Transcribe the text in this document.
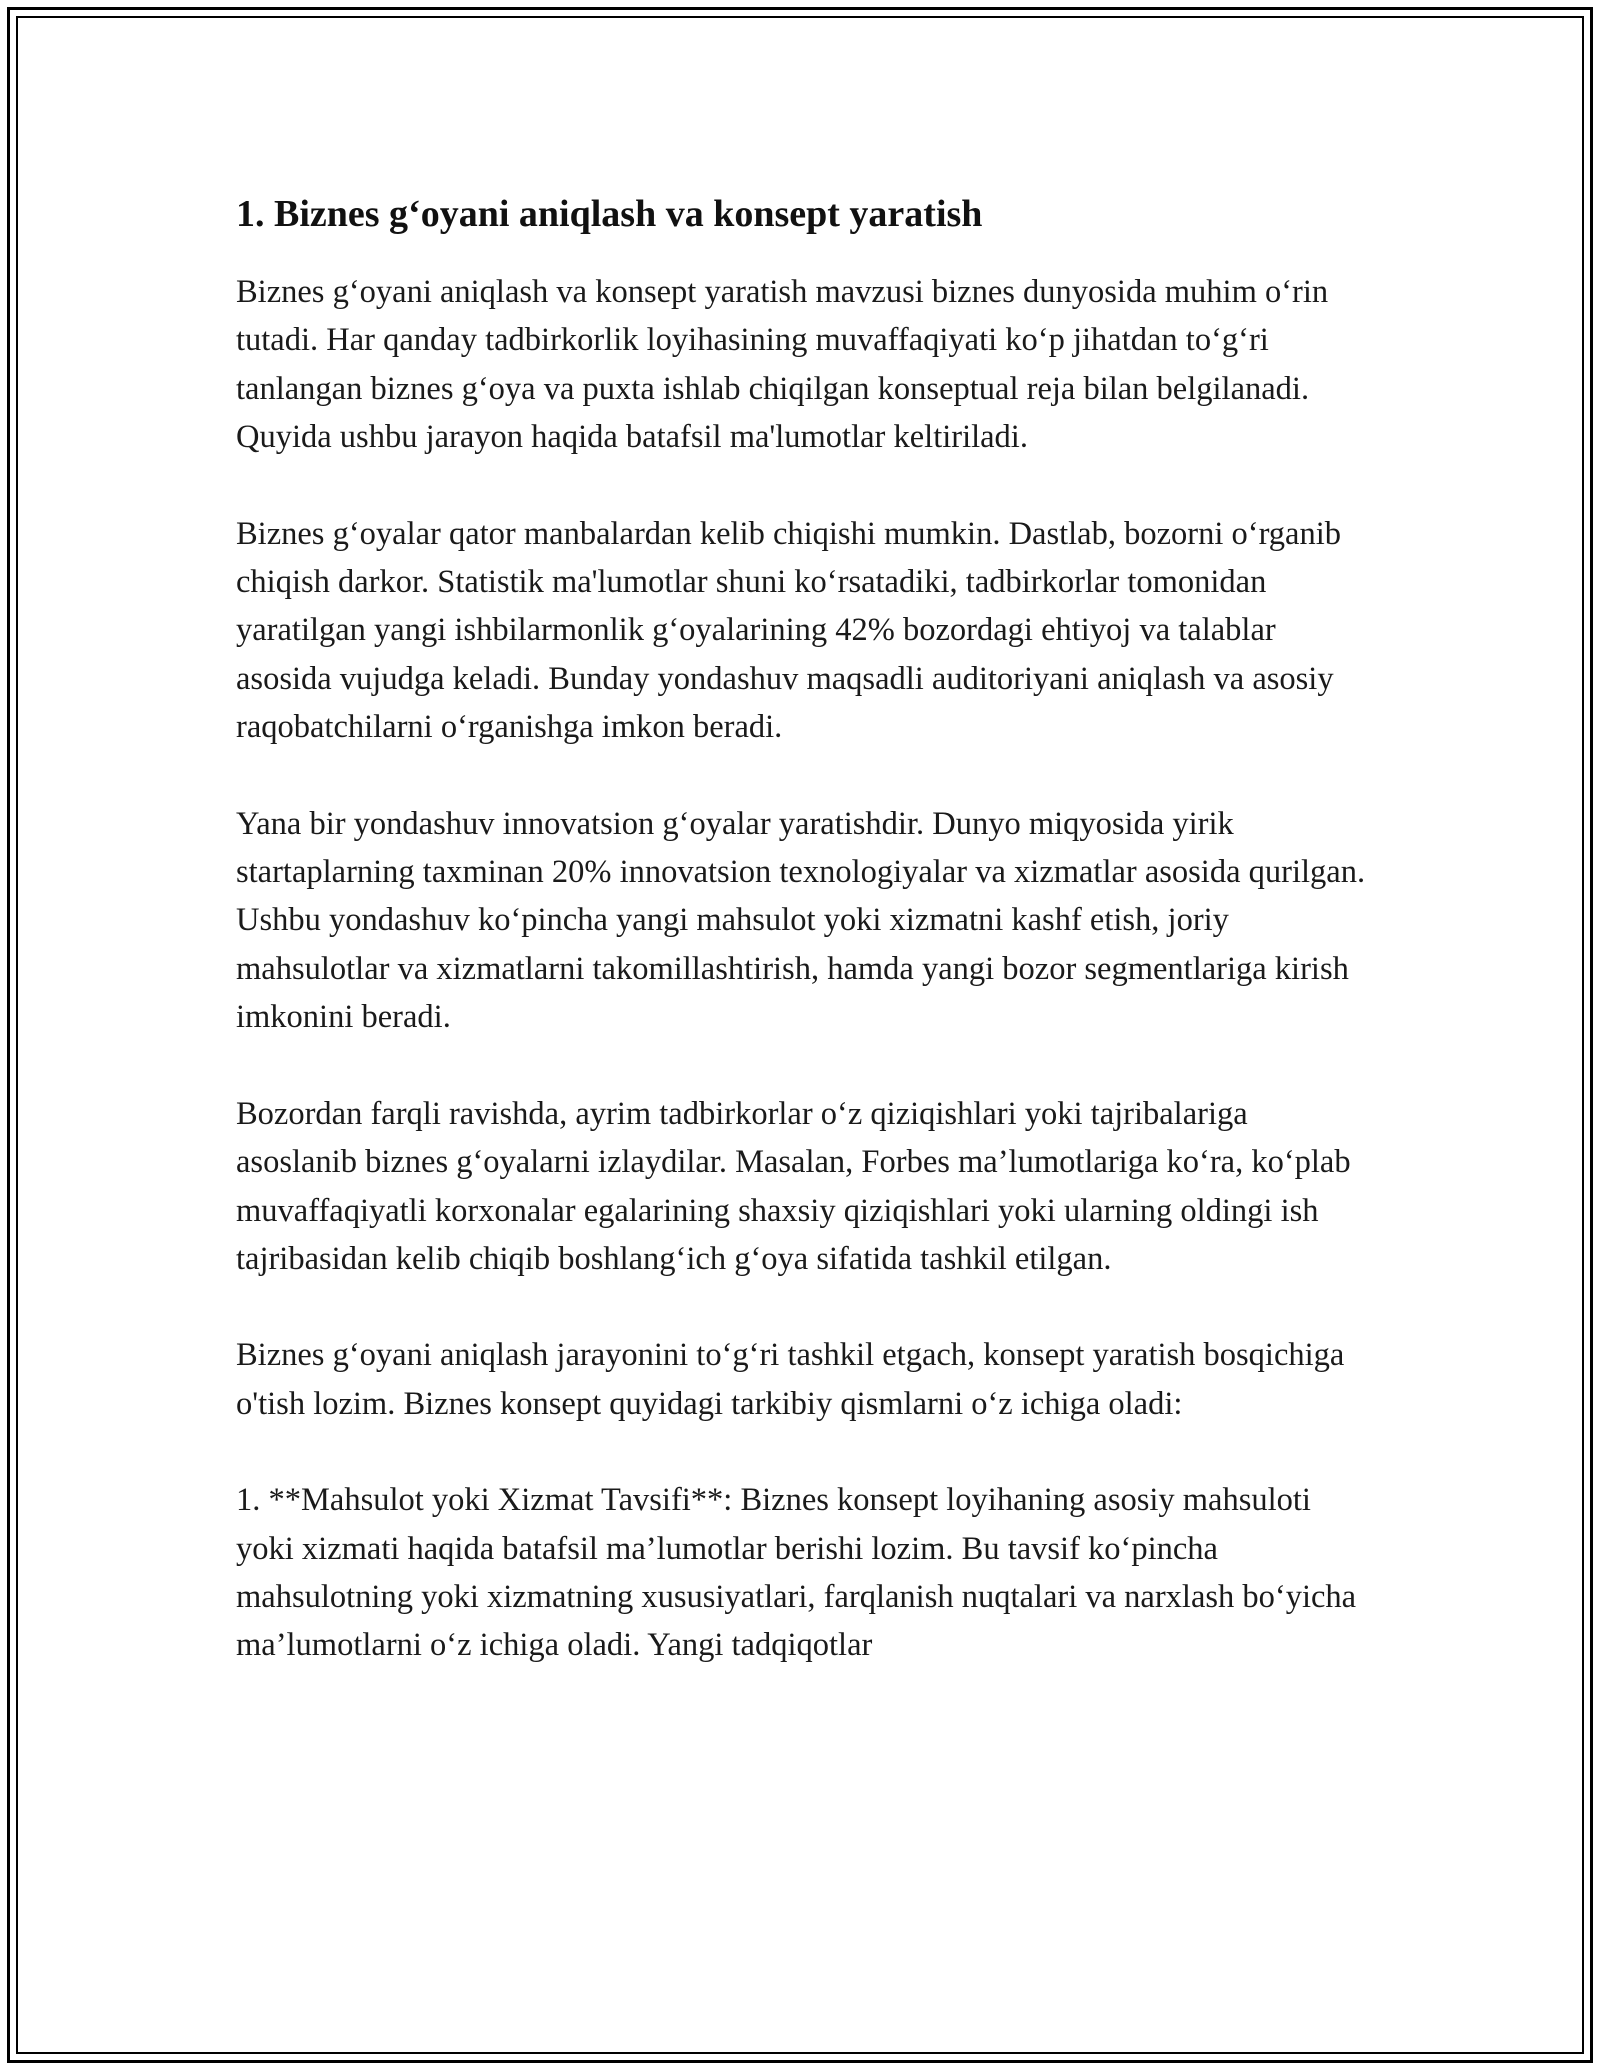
1. Biznes g‘oyani aniqlash va konsept yaratish

Biznes g‘oyani aniqlash va konsept yaratish mavzusi biznes dunyosida muhim o‘rin tutadi. Har qanday tadbirkorlik loyihasining muvaffaqiyati ko‘p jihatdan to‘g‘ri tanlangan biznes g‘oya va puxta ishlab chiqilgan konseptual reja bilan belgilanadi. Quyida ushbu jarayon haqida batafsil ma'lumotlar keltiriladi.

Biznes g‘oyalar qator manbalardan kelib chiqishi mumkin. Dastlab, bozorni o‘rganib chiqish darkor. Statistik ma'lumotlar shuni ko‘rsatadiki, tadbirkorlar tomonidan yaratilgan yangi ishbilarmonlik g‘oyalarining 42% bozordagi ehtiyoj va talablar asosida vujudga keladi. Bunday yondashuv maqsadli auditoriyani aniqlash va asosiy raqobatchilarni o‘rganishga imkon beradi.

Yana bir yondashuv innovatsion g‘oyalar yaratishdir. Dunyo miqyosida yirik startaplarning taxminan 20% innovatsion texnologiyalar va xizmatlar asosida qurilgan. Ushbu yondashuv ko‘pincha yangi mahsulot yoki xizmatni kashf etish, joriy mahsulotlar va xizmatlarni takomillashtirish, hamda yangi bozor segmentlariga kirish imkonini beradi.

Bozordan farqli ravishda, ayrim tadbirkorlar o‘z qiziqishlari yoki tajribalariga asoslanib biznes g‘oyalarni izlaydilar. Masalan, Forbes ma’lumotlariga ko‘ra, ko‘plab muvaffaqiyatli korxonalar egalarining shaxsiy qiziqishlari yoki ularning oldingi ish tajribasidan kelib chiqib boshlang‘ich g‘oya sifatida tashkil etilgan.

Biznes g‘oyani aniqlash jarayonini to‘g‘ri tashkil etgach, konsept yaratish bosqichiga o'tish lozim. Biznes konsept quyidagi tarkibiy qismlarni o‘z ichiga oladi:

1. **Mahsulot yoki Xizmat Tavsifi**: Biznes konsept loyihaning asosiy mahsuloti yoki xizmati haqida batafsil ma’lumotlar berishi lozim. Bu tavsif ko‘pincha mahsulotning yoki xizmatning xususiyatlari, farqlanish nuqtalari va narxlash bo‘yicha ma’lumotlarni o‘z ichiga oladi. Yangi tadqiqotlar
